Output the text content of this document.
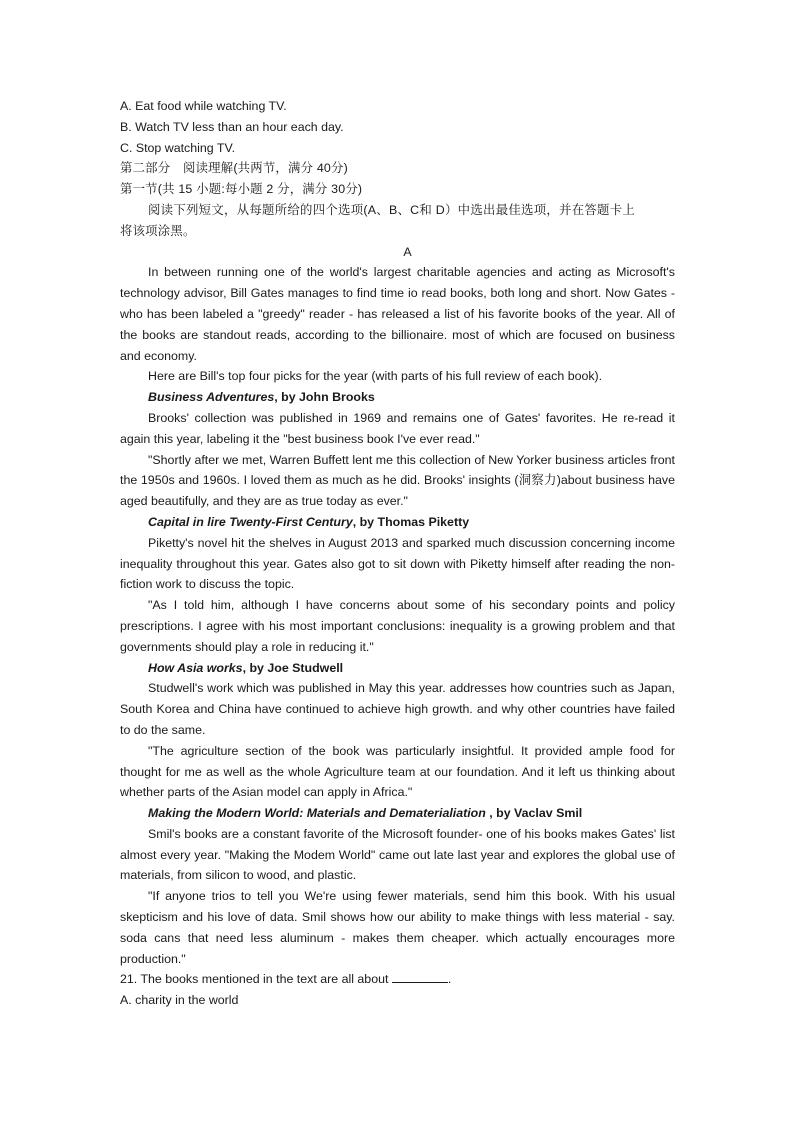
A. Eat food while watching TV.
B. Watch TV less than an hour each day.
C. Stop watching TV.
第二部分　阅读理解(共两节，满分 40分)
第一节(共 15 小题:每小题 2 分，满分 30分)
阅读下列短文，从每题所给的四个选项(A、B、C和 D）中选出最佳选项，并在答题卡上将该项涂黑。
A
In between running one of the world's largest charitable agencies and acting as Microsoft's technology advisor, Bill Gates manages to find time io read books, both long and short. Now Gates - who has been labeled a "greedy" reader - has released a list of his favorite books of the year. All of the books are standout reads, according to the billionaire. most of which are focused on business and economy.
Here are Bill's top four picks for the year (with parts of his full review of each book).
Business Adventures, by John Brooks
Brooks' collection was published in 1969 and remains one of Gates' favorites. He re-read it again this year, labeling it the "best business book I've ever read."
"Shortly after we met, Warren Buffett lent me this collection of New Yorker business articles front the 1950s and 1960s. I loved them as much as he did. Brooks' insights (洞察力)about business have aged beautifully, and they are as true today as ever."
Capital in lire Twenty-First Century, by Thomas Piketty
Piketty's novel hit the shelves in August 2013 and sparked much discussion concerning income inequality throughout this year. Gates also got to sit down with Piketty himself after reading the non-fiction work to discuss the topic.
"As I told him, although I have concerns about some of his secondary points and policy prescriptions. I agree with his most important conclusions: inequality is a growing problem and that governments should play a role in reducing it."
How Asia works, by Joe Studwell
Studwell's work which was published in May this year. addresses how countries such as Japan, South Korea and China have continued to achieve high growth. and why other countries have failed to do the same.
"The agriculture section of the book was particularly insightful. It provided ample food for thought for me as well as the whole Agriculture team at our foundation. And it left us thinking about whether parts of the Asian model can apply in Africa."
Making the Modern World: Materials and Dematerialiation , by Vaclav Smil
Smil's books are a constant favorite of the Microsoft founder- one of his books makes Gates' list almost every year. "Making the Modem World" came out late last year and explores the global use of materials, from silicon to wood, and plastic.
"If anyone trios to tell you We're using fewer materials, send him this book. With his usual skepticism and his love of data. Smil shows how our ability to make things with less material - say. soda cans that need less aluminum - makes them cheaper. which actually encourages more production."
21. The books mentioned in the text are all about	.
A. charity in the world
